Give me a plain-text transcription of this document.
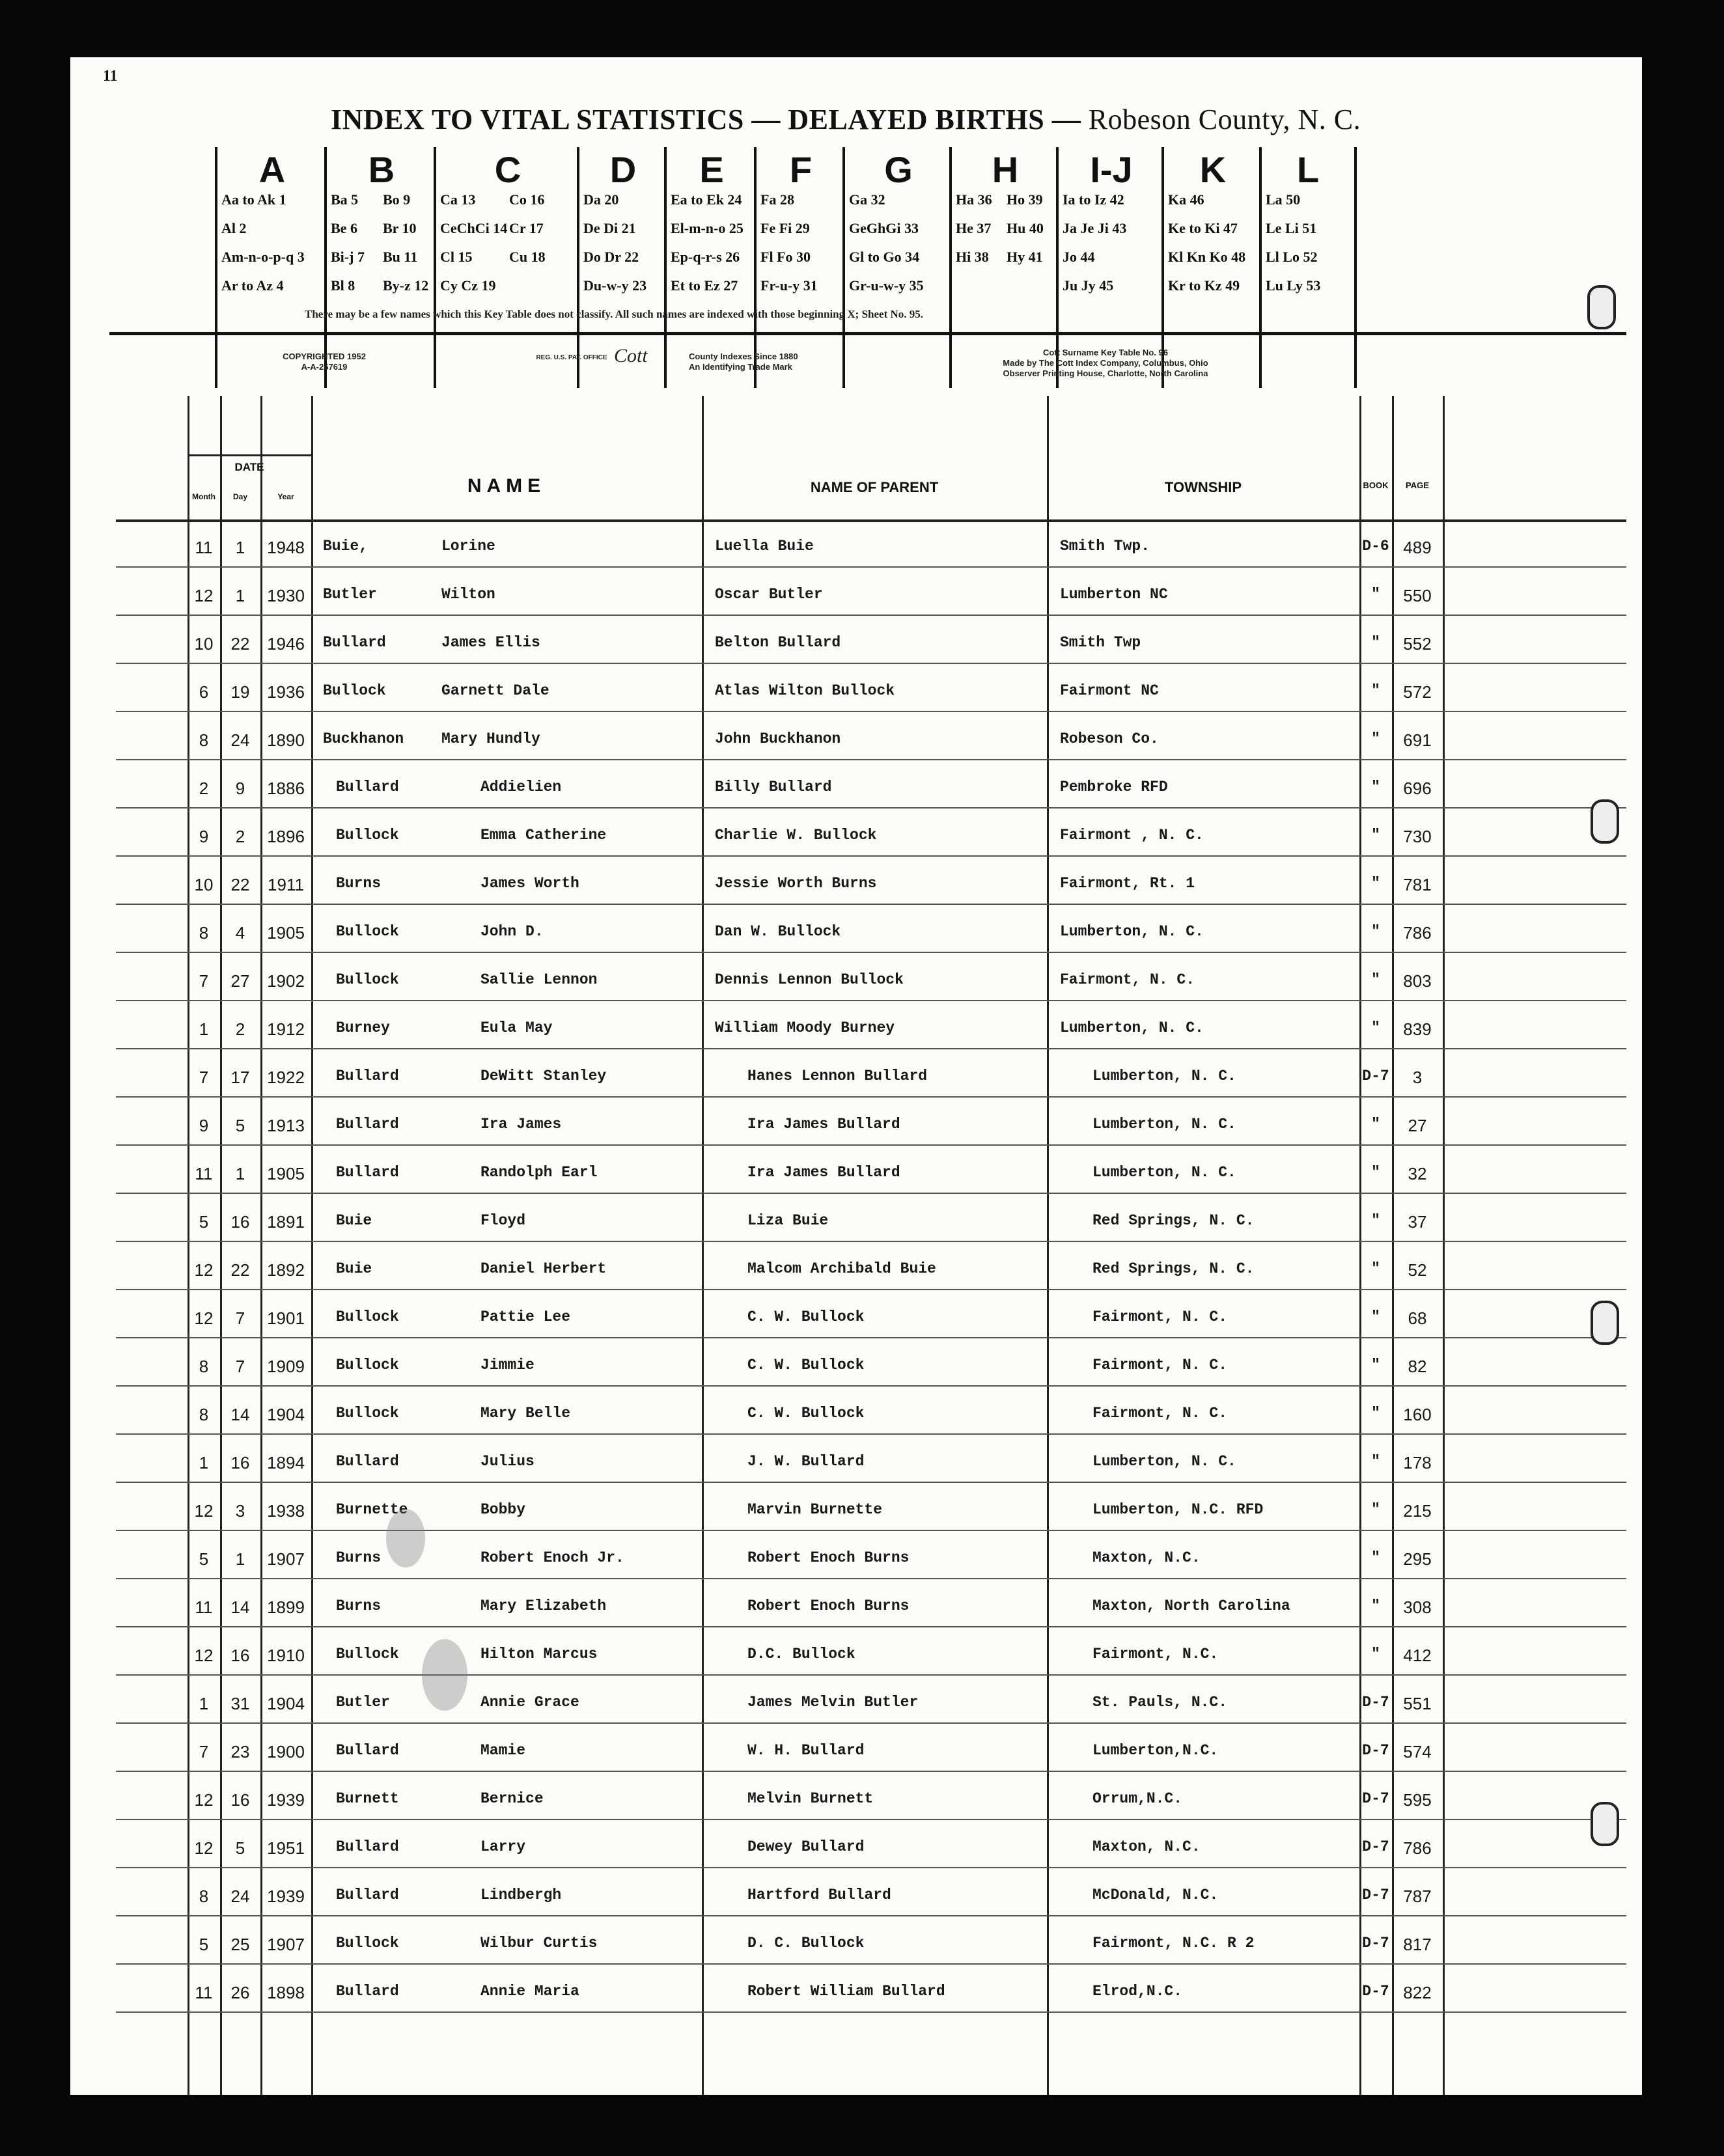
11
INDEX TO VITAL STATISTICS — DELAYED BIRTHS — Robeson County, N. C.
A
Aa to Ak 1
Al 2
Am-n-o-p-q 3
Ar to Az 4
B
Ba 5
Be 6
Bi-j 7
Bl 8
Bo 9
Br 10
Bu 11
By-z 12
C
Ca 13
CeChCi 14
Cl 15
Cy Cz 19
Co 16
Cr 17
Cu 18
D
Da 20
De Di 21
Do Dr 22
Du-w-y 23
E
Ea to Ek 24
El-m-n-o 25
Ep-q-r-s 26
Et to Ez 27
F
Fa 28
Fe Fi 29
Fl Fo 30
Fr-u-y 31
G
Ga 32
GeGhGi 33
Gl to Go 34
Gr-u-w-y 35
H
Ha 36
He 37
Hi 38
Ho 39
Hu 40
Hy 41
I-J
Ia to Iz 42
Ja Je Ji 43
Jo 44
Ju Jy 45
K
Ka 46
Ke to Ki 47
Kl Kn Ko 48
Kr to Kz 49
L
La 50
Le Li 51
Ll Lo 52
Lu Ly 53
There may be a few names which this Key Table does not classify. All such names are indexed with those beginning X; Sheet No. 95.
COPYRIGHTED 1952
A-A-267619
REG. U.S. PAT. OFFICE Cott	County Indexes Since 1880
An Identifying Trade Mark
Cott Surname Key Table No. 96
Made by The Cott Index Company, Columbus, Ohio
Observer Printing House, Charlotte, North Carolina
DATE
Month	Day	Year	NAME	NAME OF PARENT	TOWNSHIP	BOOK	PAGE
11	1	1948	Buie,	Lorine	Luella Buie	Smith Twp.	D-6 489
12	1	1930	Butler	Wilton	Oscar Butler	Lumberton NC	"	550
10	22	1946	Bullard	James Ellis	Belton Bullard	Smith Twp	"	552
6	19	1936	Bullock	Garnett Dale	Atlas Wilton Bullock	Fairmont NC	"	572
8	24	1890	Buckhanon	Mary Hundly	John Buckhanon	Robeson Co.	"	691
2	9	1886	Bullard	Addielien	Billy Bullard	Pembroke RFD	"	696
9	2	1896	Bullock	Emma Catherine	Charlie W. Bullock	Fairmont , N. C.	"	730
10	22	1911	Burns	James Worth	Jessie Worth Burns	Fairmont, Rt. 1	"	781
8	4	1905	Bullock	John D.	Dan W. Bullock	Lumberton, N. C.	"	786
7	27	1902	Bullock	Sallie Lennon	Dennis Lennon Bullock	Fairmont, N. C.	"	803
1	2	1912	Burney	Eula May	William Moody Burney	Lumberton, N. C.	"	839
7	17	1922	Bullard	DeWitt Stanley	Hanes Lennon Bullard	Lumberton, N. C.	D-7	3
9	5	1913	Bullard	Ira James	Ira James Bullard	Lumberton, N. C.	"	27
11	1	1905	Bullard	Randolph Earl	Ira James Bullard	Lumberton, N. C.	"	32
5	16	1891	Buie	Floyd	Liza Buie	Red Springs, N. C.	"	37
12	22	1892	Buie	Daniel Herbert	Malcom Archibald Buie	Red Springs, N. C.	"	52
12	7	1901	Bullock	Pattie Lee	C. W. Bullock	Fairmont, N. C.	"	68
8	7	1909	Bullock	Jimmie	C. W. Bullock	Fairmont, N. C.	"	82
8	14	1904	Bullock	Mary Belle	C. W. Bullock	Fairmont, N. C.	"	160
1	16	1894	Bullard	Julius	J. W. Bullard	Lumberton, N. C.	"	178
12	3	1938	Burnette	Bobby	Marvin Burnette	Lumberton, N.C. RFD	"	215
5	1	1907	Burns	Robert Enoch Jr.	Robert Enoch Burns	Maxton, N.C.	"	295
11	14	1899	Burns	Mary Elizabeth	Robert Enoch Burns	Maxton, North Carolina	"	308
12	16	1910	Bullock	Hilton Marcus	D.C. Bullock	Fairmont, N.C.	"	412
1	31	1904	Butler	Annie Grace	James Melvin Butler	St. Pauls, N.C.	D-7 551
7	23	1900	Bullard	Mamie	W. H. Bullard	Lumberton,N.C.	D-7 574
12	16	1939	Burnett	Bernice	Melvin Burnett	Orrum,N.C.	D-7 595
12	5	1951	Bullard	Larry	Dewey Bullard	Maxton, N.C.	D-7 786
8	24	1939	Bullard	Lindbergh	Hartford Bullard	McDonald, N.C.	D-7 787
5	25	1907	Bullock	Wilbur Curtis	D. C. Bullock	Fairmont, N.C. R 2	D-7 817
11	26	1898	Bullard	Annie Maria	Robert William Bullard	Elrod,N.C.	D-7 822
